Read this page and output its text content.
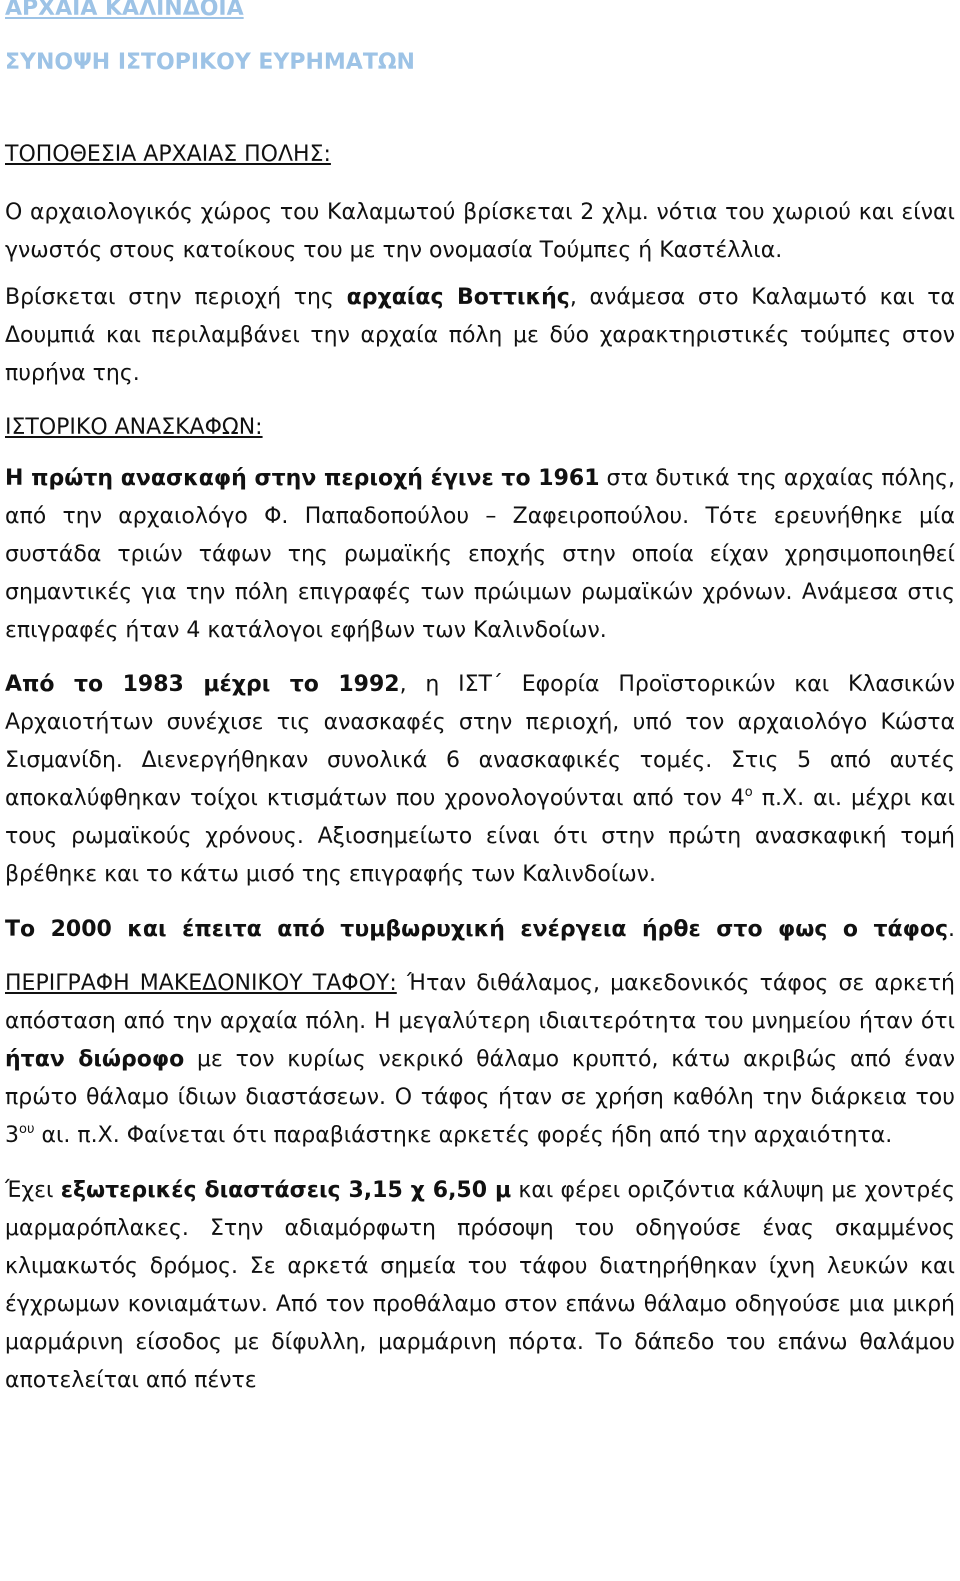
ΑΡΧΑΙΑ ΚΑΛΙΝΔΟΙΑ
ΣΥΝΟΨΗ ΙΣΤΟΡΙΚΟΥ ΕΥΡΗΜΑΤΩΝ
ΤΟΠΟΘΕΣΙΑ ΑΡΧΑΙΑΣ ΠΟΛΗΣ:

Ο αρχαιολογικός χώρος του Καλαμωτού βρίσκεται 2 χλμ. νότια του χωριού και είναι γνωστός στους κατοίκους του με την ονομασία Τούμπες ή Καστέλλια.

Βρίσκεται στην περιοχή της αρχαίας Βοττικής, ανάμεσα στο Καλαμωτό και τα Δουμπιά και περιλαμβάνει την αρχαία πόλη με δύο χαρακτηριστικές τούμπες στον πυρήνα της.

ΙΣΤΟΡΙΚΟ ΑΝΑΣΚΑΦΩΝ:

Η πρώτη ανασκαφή στην περιοχή έγινε το 1961 στα δυτικά της αρχαίας πόλης, από την αρχαιολόγο Φ. Παπαδοπούλου – Ζαφειροπούλου. Τότε ερευνήθηκε μία συστάδα τριών τάφων της ρωμαϊκής εποχής στην οποία είχαν χρησιμοποιηθεί σημαντικές για την πόλη επιγραφές των πρώιμων ρωμαϊκών χρόνων. Ανάμεσα στις επιγραφές ήταν 4 κατάλογοι εφήβων των Καλινδοίων.

Από το 1983 μέχρι το 1992, η ΙΣΤ΄ Εφορία Προϊστορικών και Κλασικών Αρχαιοτήτων συνέχισε τις ανασκαφές στην περιοχή, υπό τον αρχαιολόγο Κώστα Σισμανίδη. Διενεργήθηκαν συνολικά 6 ανασκαφικές τομές. Στις 5 από αυτές αποκαλύφθηκαν τοίχοι κτισμάτων που χρονολογούνται από τον $4^o$ π.Χ. αι. μέχρι και τους ρωμαϊκούς χρόνους. Αξιοσημείωτο είναι ότι στην πρώτη ανασκαφική τομή βρέθηκε και το κάτω μισό της επιγραφής των Καλινδοίων.

Το 2000 και έπειτα από τυμβωρυχική ενέργεια ήρθε στο φως ο τάφος.

ΠΕΡΙΓΡΑΦΗ ΜΑΚΕΔΟΝΙΚΟΥ ΤΑΦΟΥ: Ήταν διθάλαμος, μακεδονικός τάφος σε αρκετή απόσταση από την αρχαία πόλη. Η μεγαλύτερη ιδιαιτερότητα του μνημείου ήταν ότι ήταν διώροφο με τον κυρίως νεκρικό θάλαμο κρυπτό, κάτω ακριβώς από έναν πρώτο θάλαμο ίδιων διαστάσεων. Ο τάφος ήταν σε χρήση καθόλη την διάρκεια του $3^{o\upsilon}$ αι. π.Χ. Φαίνεται ότι παραβιάστηκε αρκετές φορές ήδη από την αρχαιότητα.

Έχει εξωτερικές διαστάσεις 3,15 χ 6,50 μ και φέρει οριζόντια κάλυψη με χοντρές μαρμαρόπλακες. Στην αδιαμόρφωτη πρόσοψη του οδηγούσε ένας σκαμμένος κλιμακωτός δρόμος. Σε αρκετά σημεία του τάφου διατηρήθηκαν ίχνη λευκών και έγχρωμων κονιαμάτων. Από τον προθάλαμο στον επάνω θάλαμο οδηγούσε μια μικρή μαρμάρινη είσοδος με δίφυλλη, μαρμάρινη πόρτα. Το δάπεδο του επάνω θαλάμου αποτελείται από πέντε
